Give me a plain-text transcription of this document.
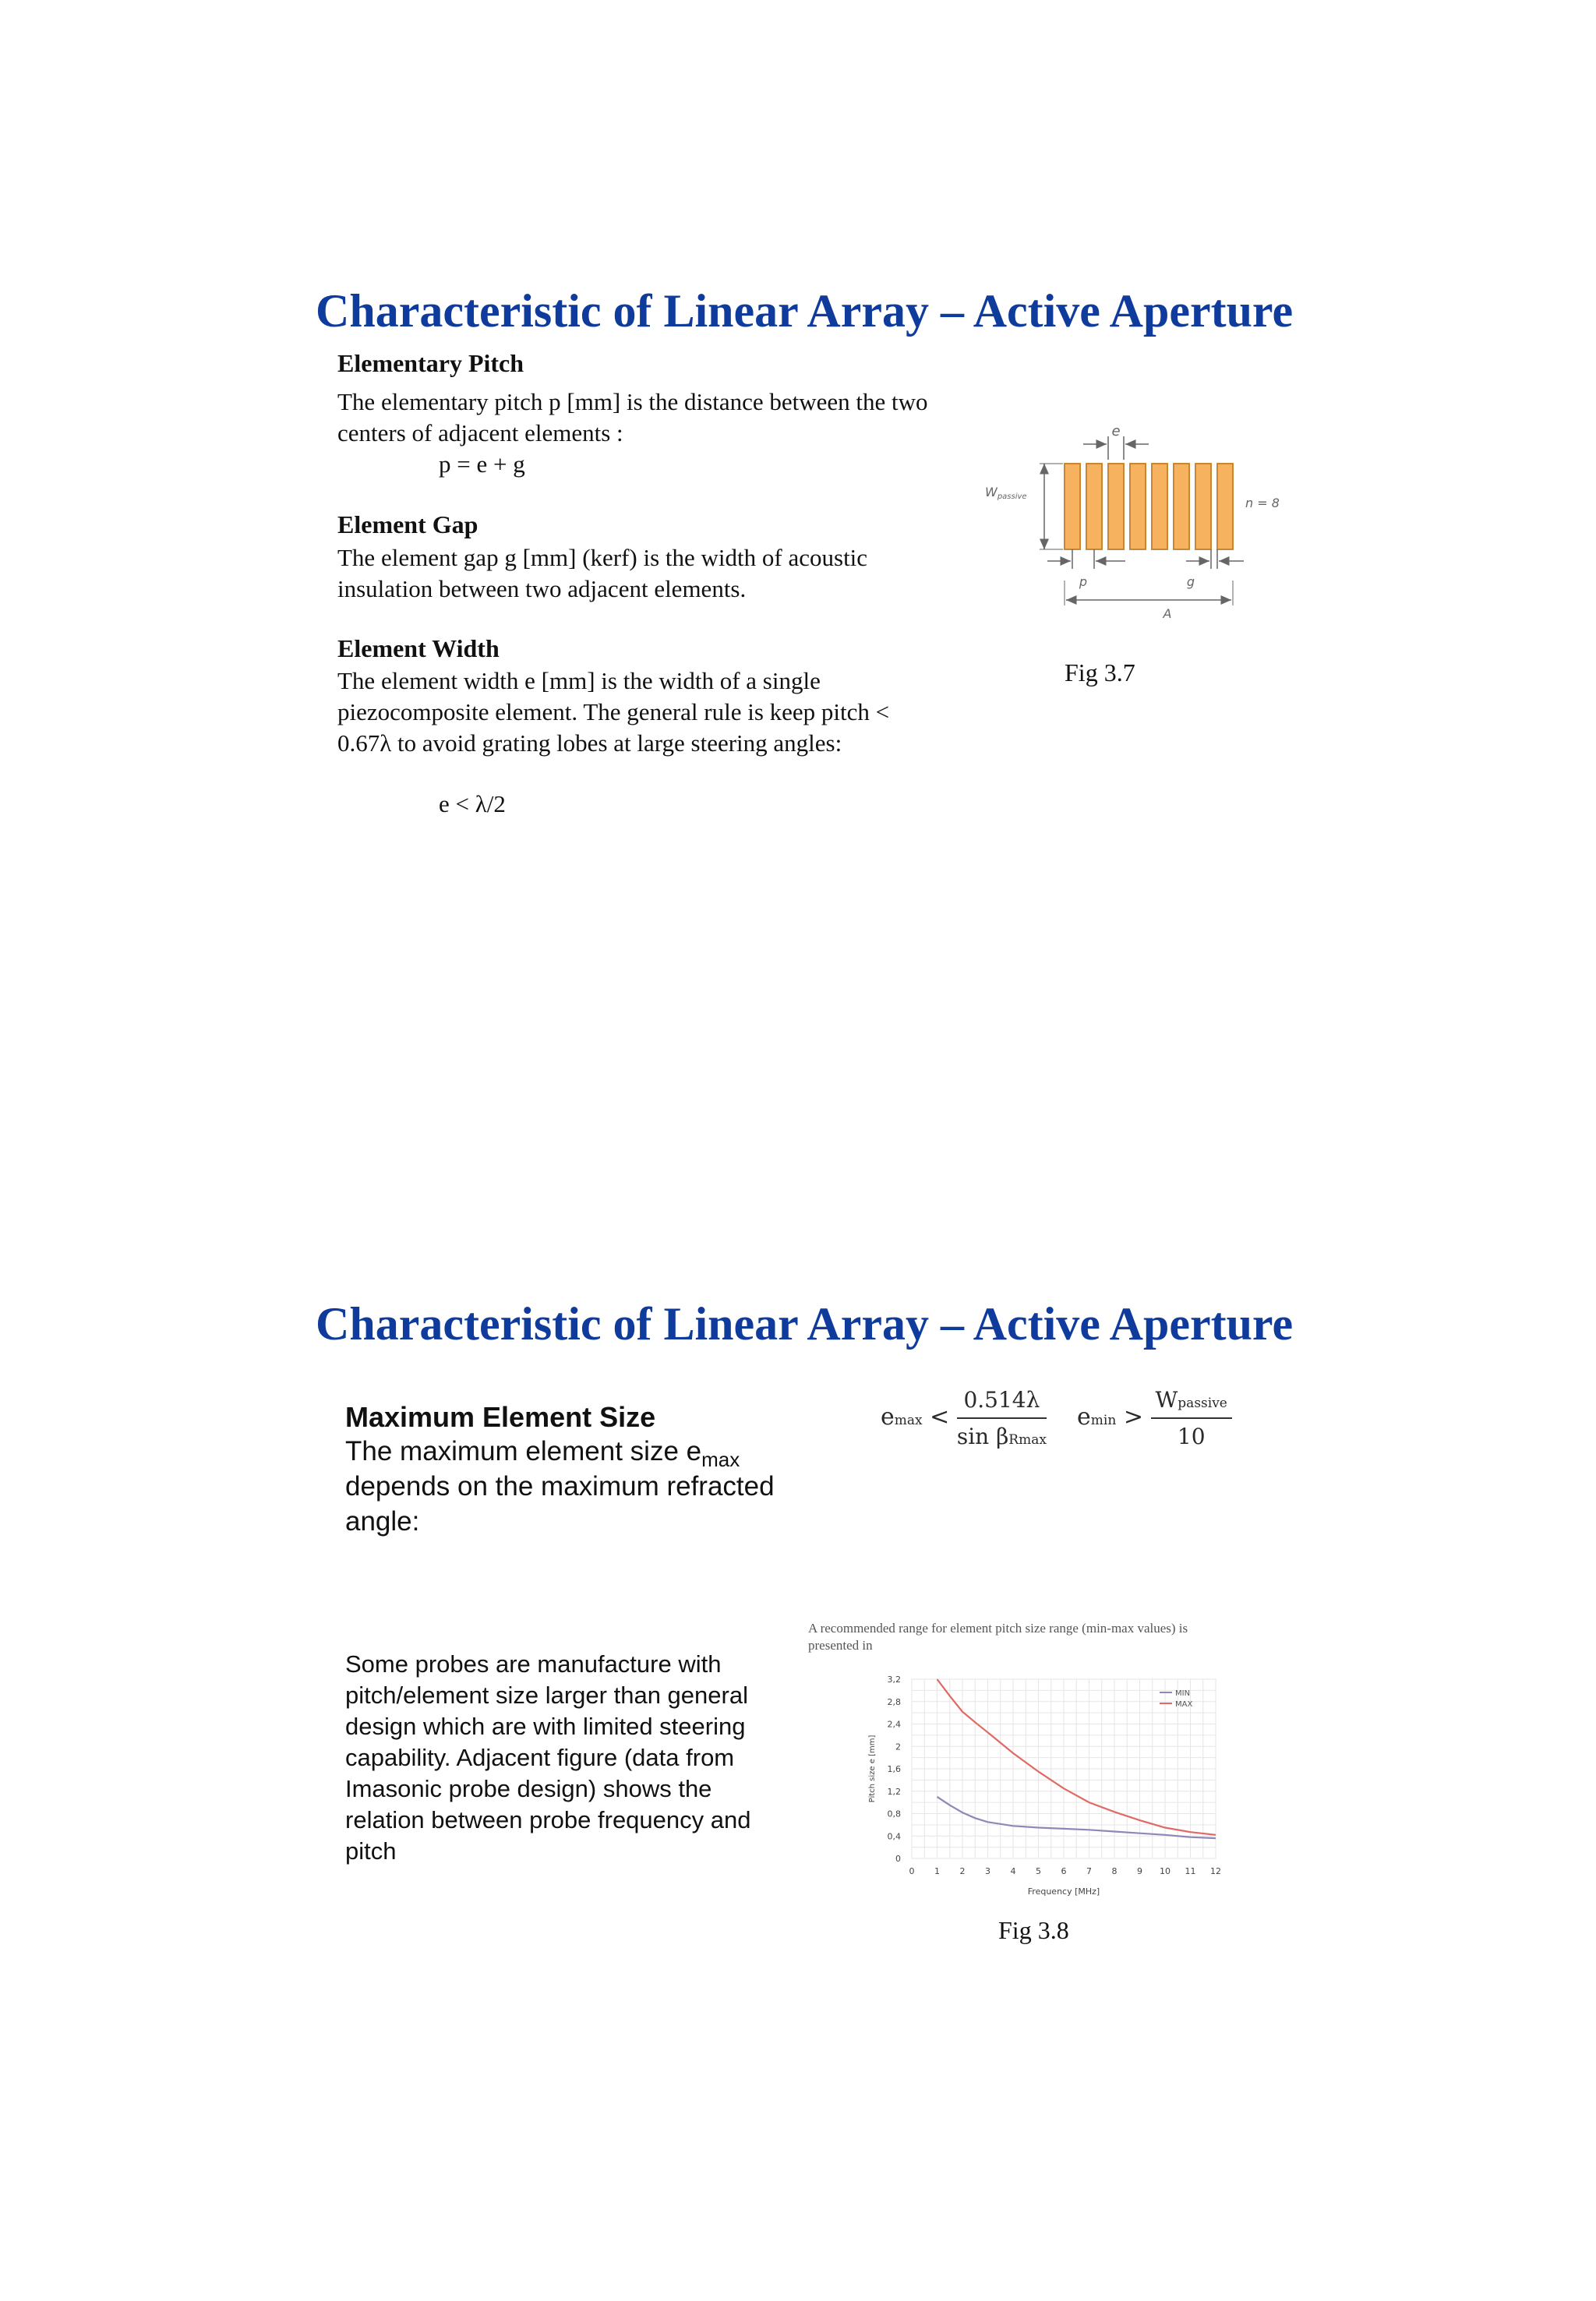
Characteristic of Linear Array – Active Aperture
Elementary Pitch
The elementary pitch p [mm] is the distance between the two
centers of adjacent elements :
p = e + g
Element Gap
The element gap g [mm] (kerf) is the width of acoustic
insulation between two adjacent elements.
Element Width
The element width e [mm] is the width of a single
piezocomposite element. The general rule is keep pitch <
0.67λ to avoid grating lobes at large steering angles:
e < λ/2
e
Wpassive	n = 8
p	g
A
Fig 3.7
Characteristic of Linear Array – Active Aperture
Maximum Element Size
The maximum element size $e_{max}$
depends on the maximum refracted
angle:
$emax < \frac{0.514\lambda}{\text{sin βRmax}}$ $emin > \frac{\text{Wpassive}}{10}$
Some probes are manufacture with
pitch/element size larger than general
design which are with limited steering
capability. Adjacent figure (data from
Imasonic probe design) shows the
relation between probe frequency and
pitch
A recommended range for element pitch size range (min-max values) is
presented in
0 1 2 3 4 5 6 7 8 9 10 11 12
0
0,4
0,8
1,2
1,6
2
2,4
2,8
3,2
Frequency [MHz]
Pitch size e [mm]
MIN
MAX
Fig 3.8
